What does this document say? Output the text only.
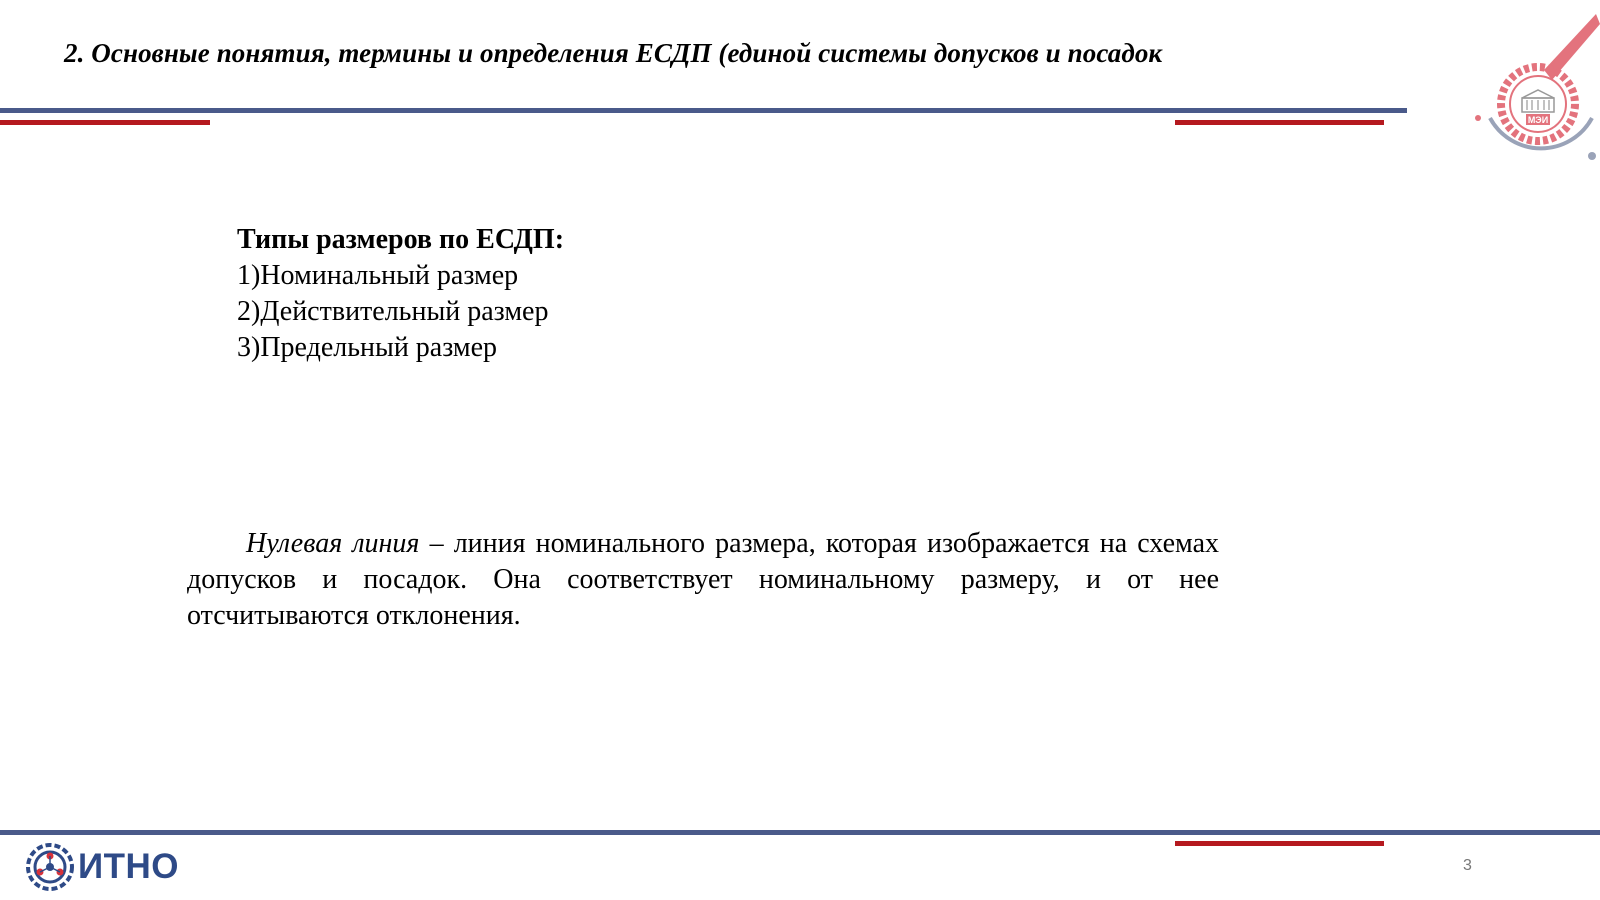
2. Основные понятия, термины и определения ЕСДП (единой системы допусков и посадок
МЭИ
Типы размеров по ЕСДП:
1)Номинальный размер
2)Действительный размер
3)Предельный размер
Нулевая линия – линия номинального размера, которая изображается на схемах допусков и посадок. Она соответствует номинальному размеру, и от нее отсчитываются отклонения.
ИТНО	3
